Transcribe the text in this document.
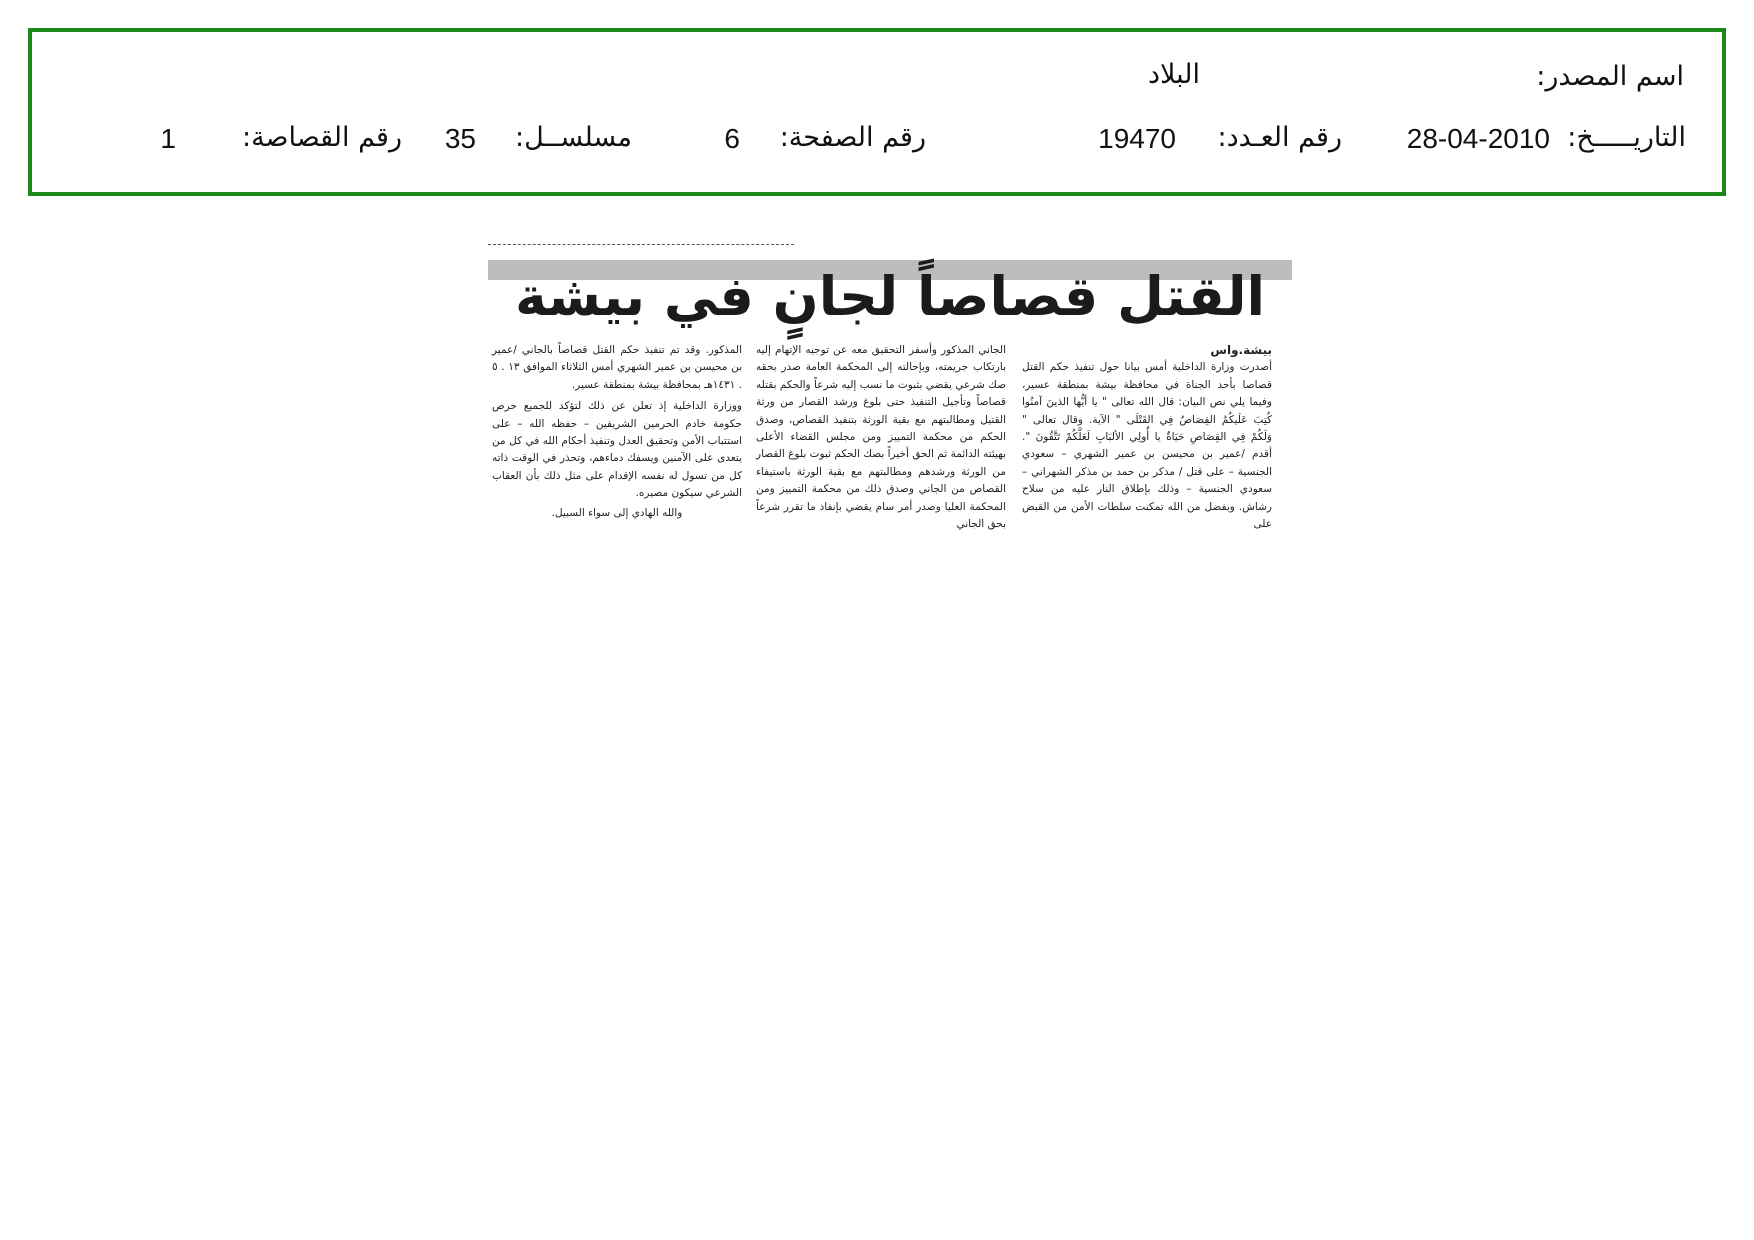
اسم المصدر:
البلاد
التاريـــــخ:
28-04-2010
رقم العـدد:
19470
رقم الصفحة:
6
مسلســل:
35
رقم القصاصة:
1
القتل قصاصاً لجانٍ في بيشة

بيشة.واس

أصدرت وزارة الداخلية أمس بيانا حول تنفيذ حكم القتل قصاصا بأحد الجناة في محافظة بيشة بمنطقة عسير، وفيما يلي نص البيان: قال الله تعالى " يا أيُّها الذينَ آمنُوا كُتِبَ عَلَيكُمُ القِصَاصُ فِي القَتْلَى " الآية. وقال تعالى " وَلَكُمْ فِي القِصَاصِ حَيَاةٌ يا أُولِي الألبَابِ لَعَلَّكُمْ تَتَّقُونَ ". أقدم /عمير بن محيسن بن عمير الشهري – سعودي الجنسية – على قتل / مذكر بن حمد بن مذكر الشهراني – سعودي الجنسية – وذلك بإطلاق النار عليه من سلاح رشاش. وبفضل من الله تمكنت سلطات الأمن من القبض على

الجاني المذكور وأسفر التحقيق معه عن توجيه الإتهام إليه بارتكاب جريمته، وبإحالته إلى المحكمة العامة صدر بحقه صك شرعي يقضي بثبوت ما نسب إليه شرعاً والحكم بقتله قصاصاً وتأجيل التنفيذ حتى بلوغ ورشد القصار من ورثة القتيل ومطالبتهم مع بقية الورثة بتنفيذ القصاص، وصدق الحكم من محكمة التمييز ومن مجلس القضاء الأعلى بهيئته الدائمة ثم الحق أخيراً بصك الحكم ثبوت بلوغ القصار من الورثة ورشدهم ومطالبتهم مع بقية الورثة باستيفاء القصاص من الجاني وصدق ذلك من محكمة التمييز ومن المحكمة العليا وصدر أمر سام يقضي بإنفاذ ما تقرر شرعاً بحق الجاني

المذكور. وقد تم تنفيذ حكم القتل قصاصاً بالجاني /عمير بن محيسن بن عمير الشهري أمس الثلاثاء الموافق ١٣ . ٥ . ١٤٣١هـ بمحافظة بيشة بمنطقة عسير.

ووزارة الداخلية إذ تعلن عن ذلك لتؤكد للجميع حرص حكومة خادم الحرمين الشريفين – حفظه الله – على استتباب الأمن وتحقيق العدل وتنفيذ أحكام الله في كل من يتعدى على الآمنين ويسفك دماءهم، وتحذر في الوقت ذاته كل من تسول له نفسه الإقدام على مثل ذلك بأن العقاب الشرعي سيكون مصيره.

والله الهادي إلى سواء السبيل.
